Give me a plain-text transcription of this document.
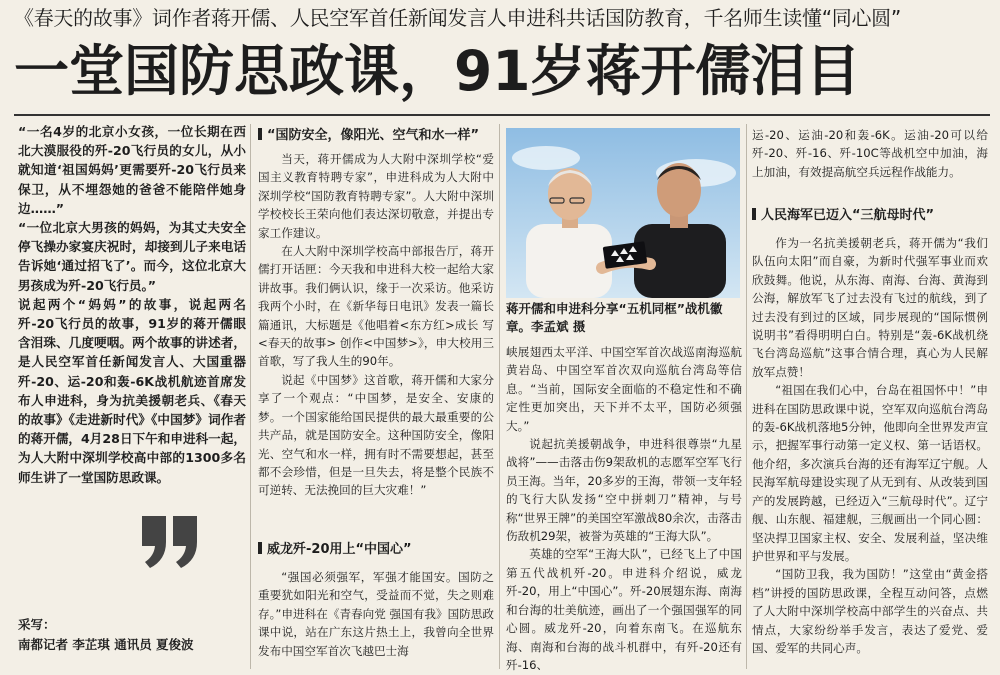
《春天的故事》词作者蒋开儒、人民空军首任新闻发言人申进科共话国防教育，千名师生读懂“同心圆”
一堂国防思政课，91岁蒋开儒泪目

“一名4岁的北京小女孩，一位长期在西北大漠服役的歼-20飞行员的女儿，从小就知道‘祖国妈妈’更需要歼-20飞行员来保卫，从不埋怨她的爸爸不能陪伴她身边……”

“一位北京大男孩的妈妈，为其丈夫安全停飞操办家宴庆祝时，却接到儿子来电话告诉她‘通过招飞了’。而今，这位北京大男孩成为歼-20飞行员。”

说起两个“妈妈”的故事，说起两名歼-20飞行员的故事，91岁的蒋开儒眼含泪珠、几度哽咽。两个故事的讲述者，是人民空军首任新闻发言人、大国重器歼-20、运-20和轰-6K战机航迹首席发布人申进科，身为抗美援朝老兵、《春天的故事》《走进新时代》《中国梦》词作者的蒋开儒，4月28日下午和申进科一起，为人大附中深圳学校高中部的1300多名师生讲了一堂国防思政课。

采写：
南都记者 李芷琪 通讯员 夏俊波
“国防安全，像阳光、空气和水一样”

当天，蒋开儒成为人大附中深圳学校“爱国主义教育特聘专家”，申进科成为人大附中深圳学校“国防教育特聘专家”。人大附中深圳学校校长王荣向他们表达深切敬意，并提出专家工作建议。

在人大附中深圳学校高中部报告厅，蒋开儒打开话匣：今天我和申进科大校一起给大家讲故事。我们俩认识，缘于一次采访。他采访我两个小时，在《新华每日电讯》发表一篇长篇通讯，大标题是《他唱着<东方红>成长 写<春天的故事> 创作<中国梦>》，申大校用三首歌，写了我人生的90年。

说起《中国梦》这首歌，蒋开儒和大家分享了一个观点：“中国梦，是安全、安康的梦。一个国家能给国民提供的最大最重要的公共产品，就是国防安全。这种国防安全，像阳光、空气和水一样，拥有时不需要想起，甚至都不会珍惜，但是一旦失去，将是整个民族不可逆转、无法挽回的巨大灾难！”

威龙歼-20用上“中国心”

“强国必须强军，军强才能国安。国防之重要犹如阳光和空气，受益而不觉，失之则难存。”申进科在《青春向党 强国有我》国防思政课中说，站在广东这片热土上，我曾向全世界发布中国空军首次飞越巴士海

蒋开儒和申进科分享“五机同框”战机徽章。李孟斌 摄

峡展翅西太平洋、中国空军首次战巡南海巡航黄岩岛、中国空军首次双向巡航台湾岛等信息。“当前，国际安全面临的不稳定性和不确定性更加突出，天下并不太平，国防必须强大。”

说起抗美援朝战争，申进科很尊崇“九星战将”——击落击伤9架敌机的志愿军空军飞行员王海。当年，20多岁的王海，带领一支年轻的飞行大队发扬“空中拼刺刀”精神，与号称“世界王牌”的美国空军激战80余次，击落击伤敌机29架，被誉为英雄的“王海大队”。

英雄的空军“王海大队”，已经飞上了中国第五代战机歼-20。申进科介绍说，威龙歼-20，用上“中国心”。歼-20展翅东海、南海和台海的壮美航迹，画出了一个强国强军的同心圆。威龙歼-20，向着东南飞。在巡航东海、南海和台海的战斗机群中，有歼-20还有歼-16、

运-20、运油-20和轰-6K。运油-20可以给歼-20、歼-16、歼-10C等战机空中加油，海上加油，有效提高航空兵远程作战能力。

人民海军已迈入“三航母时代”

作为一名抗美援朝老兵，蒋开儒为“我们队伍向太阳”而自豪，为新时代强军事业而欢欣鼓舞。他说，从东海、南海、台海、黄海到公海，解放军飞了过去没有飞过的航线，到了过去没有到过的区域，同步展现的“国际惯例说明书”看得明明白白。特别是“轰-6K战机绕飞台湾岛巡航”这事合情合理，真心为人民解放军点赞！

“祖国在我们心中，台岛在祖国怀中！”申进科在国防思政课中说，空军双向巡航台湾岛的轰-6K战机落地5分钟，他即向全世界发声宣示，把握军事行动第一定义权、第一话语权。他介绍，多次演兵台海的还有海军辽宁舰。人民海军航母建设实现了从无到有、从改装到国产的发展跨越，已经迈入“三航母时代”。辽宁舰、山东舰、福建舰，三舰画出一个同心圆：坚决捍卫国家主权、安全、发展利益，坚决维护世界和平与发展。

“国防卫我，我为国防！”这堂由“黄金搭档”讲授的国防思政课，全程互动问答，点燃了人大附中深圳学校高中部学生的兴奋点、共情点，大家纷纷举手发言，表达了爱党、爱国、爱军的共同心声。
